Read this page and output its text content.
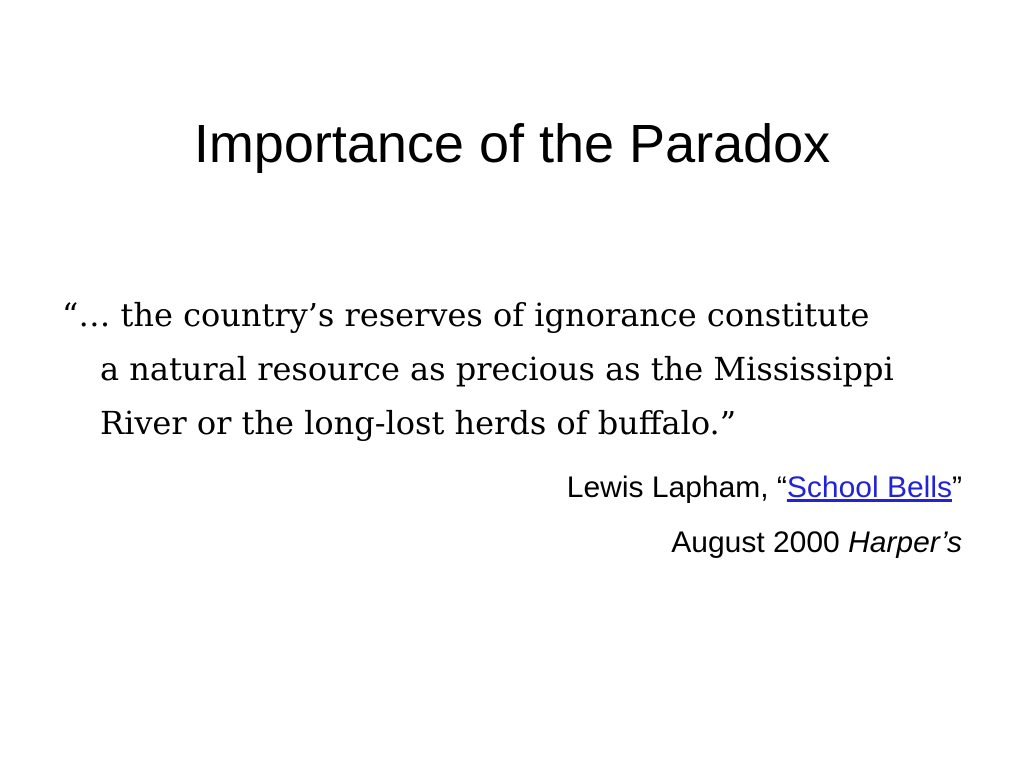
Importance of the Paradox
“… the country’s reserves of ignorance constitute
a natural resource as precious as the Mississippi
River or the long-lost herds of buffalo.”
Lewis Lapham, “School Bells”
August 2000 Harper’s
